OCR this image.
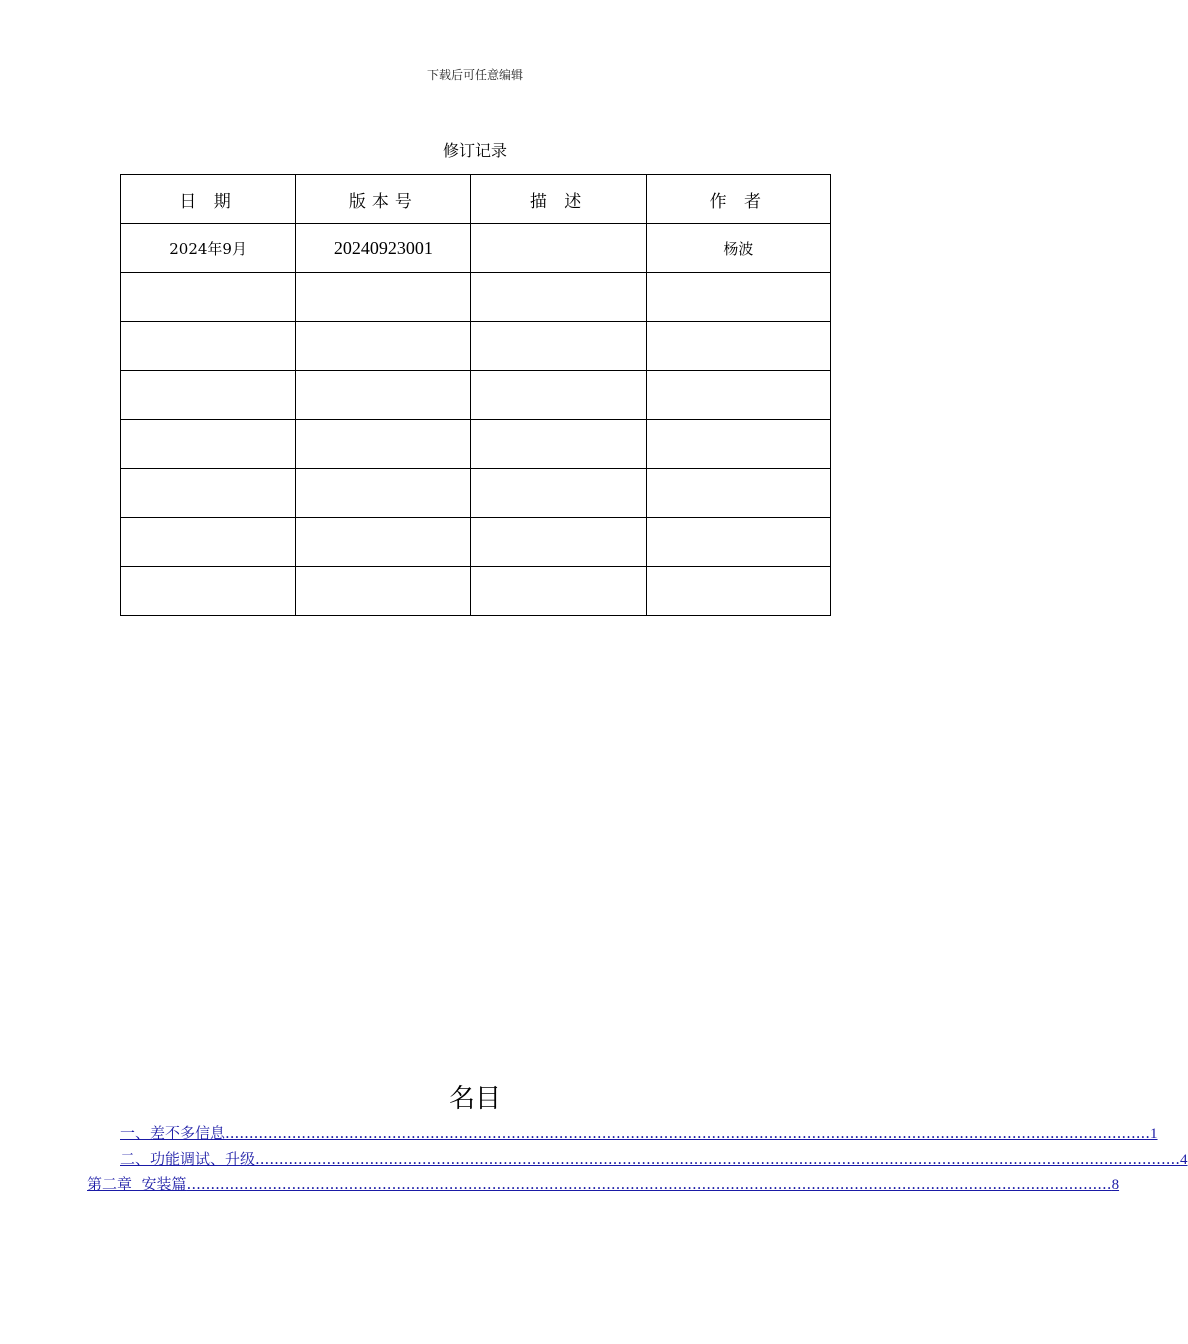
下载后可任意编辑
修订记录
日 期	版本号	描 述	作 者
2024年9月	20240923001		杨波

名目
一、差不多信息 .................................................................................................................................................................................................. 1
二、功能调试、升级 .................................................................................................................................................................................................. 4
第二章  安装篇 .................................................................................................................................................................................................. 8
